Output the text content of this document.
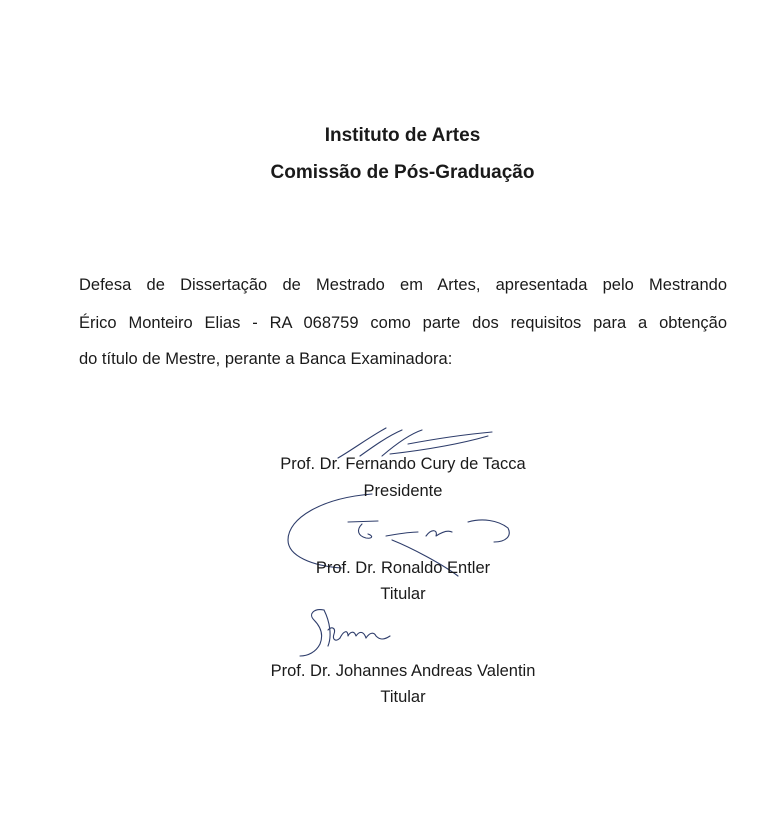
Instituto de Artes
Comissão de Pós-Graduação

Defesa de Dissertação de Mestrado em Artes, apresentada pelo Mestrando

Érico Monteiro Elias - RA 068759 como parte dos requisitos para a obtenção

do título de Mestre, perante a Banca Examinadora:

Prof. Dr. Fernando Cury de Tacca

Presidente

Prof. Dr. Ronaldo Entler

Titular

Prof. Dr. Johannes Andreas Valentin

Titular
